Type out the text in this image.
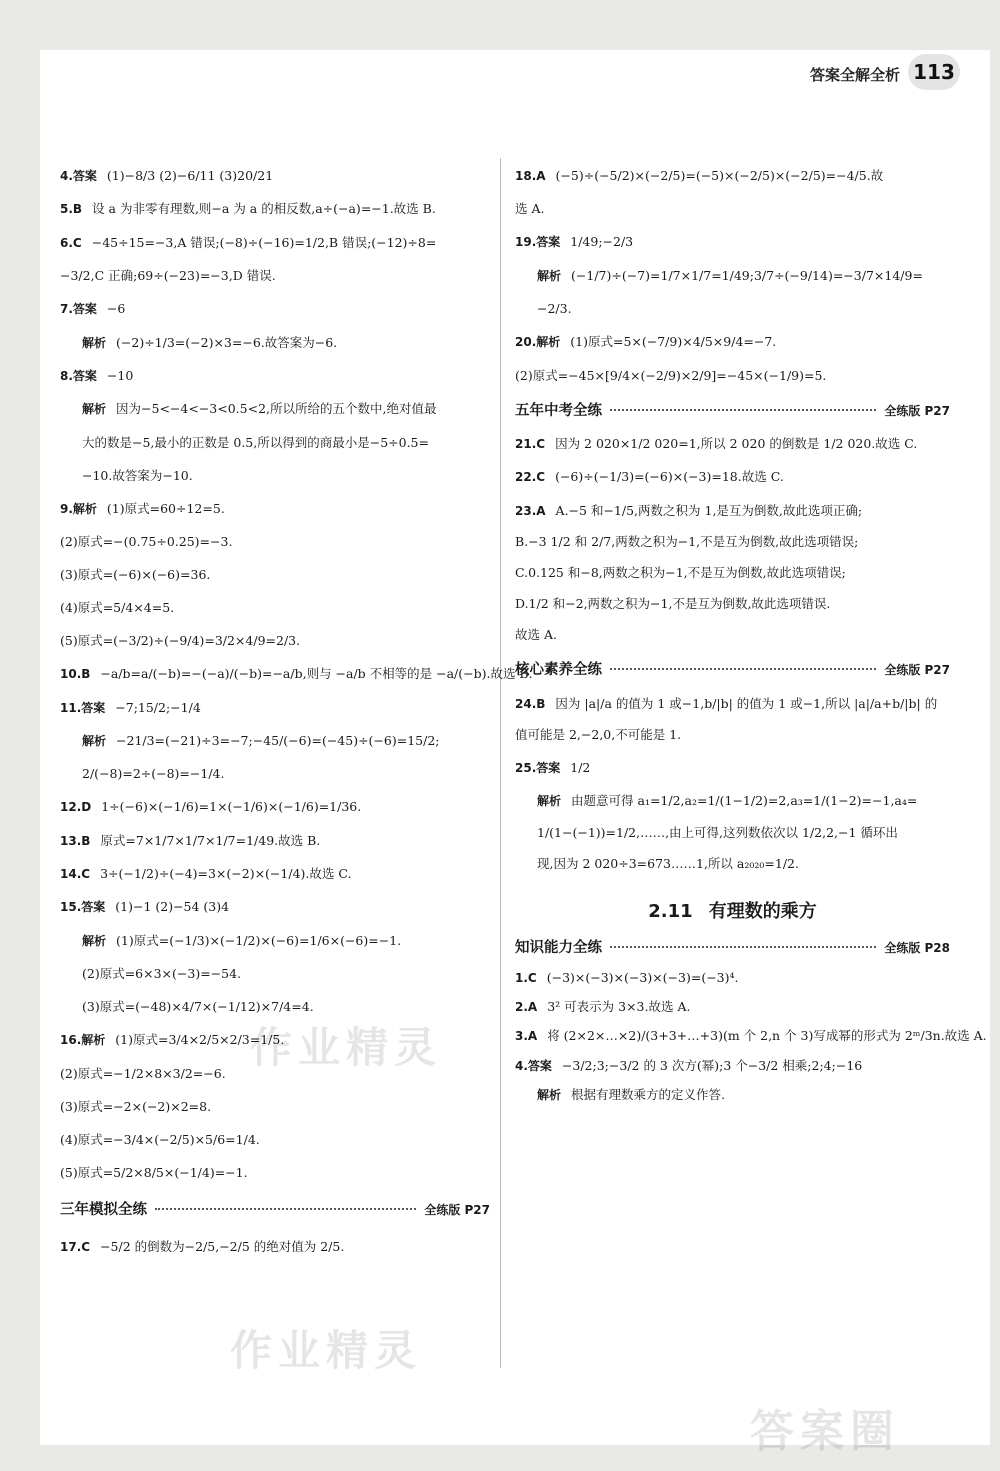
答案全解全析 113
4.答案 (1)−8/3 (2)−6/11 (3)20/21
5.B 设 a 为非零有理数,则−a 为 a 的相反数,a÷(−a)=−1.故选 B.
6.C −45÷15=−3,A 错误;(−8)÷(−16)=1/2,B 错误;(−12)÷8=
−3/2,C 正确;69÷(−23)=−3,D 错误.
7.答案 −6
解析 (−2)÷1/3=(−2)×3=−6.故答案为−6.
8.答案 −10
解析 因为−5<−4<−3<0.5<2,所以所给的五个数中,绝对值最
大的数是−5,最小的正数是 0.5,所以得到的商最小是−5÷0.5=
−10.故答案为−10.
9.解析 (1)原式=60÷12=5.
(2)原式=−(0.75÷0.25)=−3.
(3)原式=(−6)×(−6)=36.
(4)原式=5/4×4=5.
(5)原式=(−3/2)÷(−9/4)=3/2×4/9=2/3.
10.B −a/b=a/(−b)=−(−a)/(−b)=−a/b,则与 −a/b 不相等的是 −a/(−b).故选 B.
11.答案 −7;15/2;−1/4
解析 −21/3=(−21)÷3=−7;−45/(−6)=(−45)÷(−6)=15/2;
2/(−8)=2÷(−8)=−1/4.
12.D 1÷(−6)×(−1/6)=1×(−1/6)×(−1/6)=1/36.
13.B 原式=7×1/7×1/7×1/7=1/49.故选 B.
14.C 3÷(−1/2)÷(−4)=3×(−2)×(−1/4).故选 C.
15.答案 (1)−1 (2)−54 (3)4
解析 (1)原式=(−1/3)×(−1/2)×(−6)=1/6×(−6)=−1.
(2)原式=6×3×(−3)=−54.
(3)原式=(−48)×4/7×(−1/12)×7/4=4.
16.解析 (1)原式=3/4×2/5×2/3=1/5.
(2)原式=−1/2×8×3/2=−6.
(3)原式=−2×(−2)×2=8.
(4)原式=−3/4×(−2/5)×5/6=1/4.
(5)原式=5/2×8/5×(−1/4)=−1.
三年模拟全练	全练版 P27
17.C −5/2 的倒数为−2/5,−2/5 的绝对值为 2/5.
18.A (−5)÷(−5/2)×(−2/5)=(−5)×(−2/5)×(−2/5)=−4/5.故
选 A.
19.答案 1/49;−2/3
解析 (−1/7)÷(−7)=1/7×1/7=1/49;3/7÷(−9/14)=−3/7×14/9=
−2/3.
20.解析 (1)原式=5×(−7/9)×4/5×9/4=−7.
(2)原式=−45×[9/4×(−2/9)×2/9]=−45×(−1/9)=5.
五年中考全练	全练版 P27
21.C 因为 2 020×1/2 020=1,所以 2 020 的倒数是 1/2 020.故选 C.
22.C (−6)÷(−1/3)=(−6)×(−3)=18.故选 C.
23.A A.−5 和−1/5,两数之积为 1,是互为倒数,故此选项正确;
B.−3 1/2 和 2/7,两数之积为−1,不是互为倒数,故此选项错误;
C.0.125 和−8,两数之积为−1,不是互为倒数,故此选项错误;
D.1/2 和−2,两数之积为−1,不是互为倒数,故此选项错误.
故选 A.
核心素养全练	全练版 P27
24.B 因为 |a|/a 的值为 1 或−1,b/|b| 的值为 1 或−1,所以 |a|/a+b/|b| 的
值可能是 2,−2,0,不可能是 1.
25.答案 1/2
解析 由题意可得 a₁=1/2,a₂=1/(1−1/2)=2,a₃=1/(1−2)=−1,a₄=
1/(1−(−1))=1/2,……,由上可得,这列数依次以 1/2,2,−1 循环出
现,因为 2 020÷3=673……1,所以 a₂₀₂₀=1/2.
2.11 有理数的乘方
知识能力全练	全练版 P28
1.C (−3)×(−3)×(−3)×(−3)=(−3)⁴.
2.A 3² 可表示为 3×3.故选 A.
3.A 将 (2×2×…×2)/(3+3+…+3)(m 个 2,n 个 3)写成幂的形式为 2ᵐ/3n.故选 A.
4.答案 −3/2;3;−3/2 的 3 次方(幂);3 个−3/2 相乘;2;4;−16
解析 根据有理数乘方的定义作答.
作业精灵
作业精灵
答案圈
